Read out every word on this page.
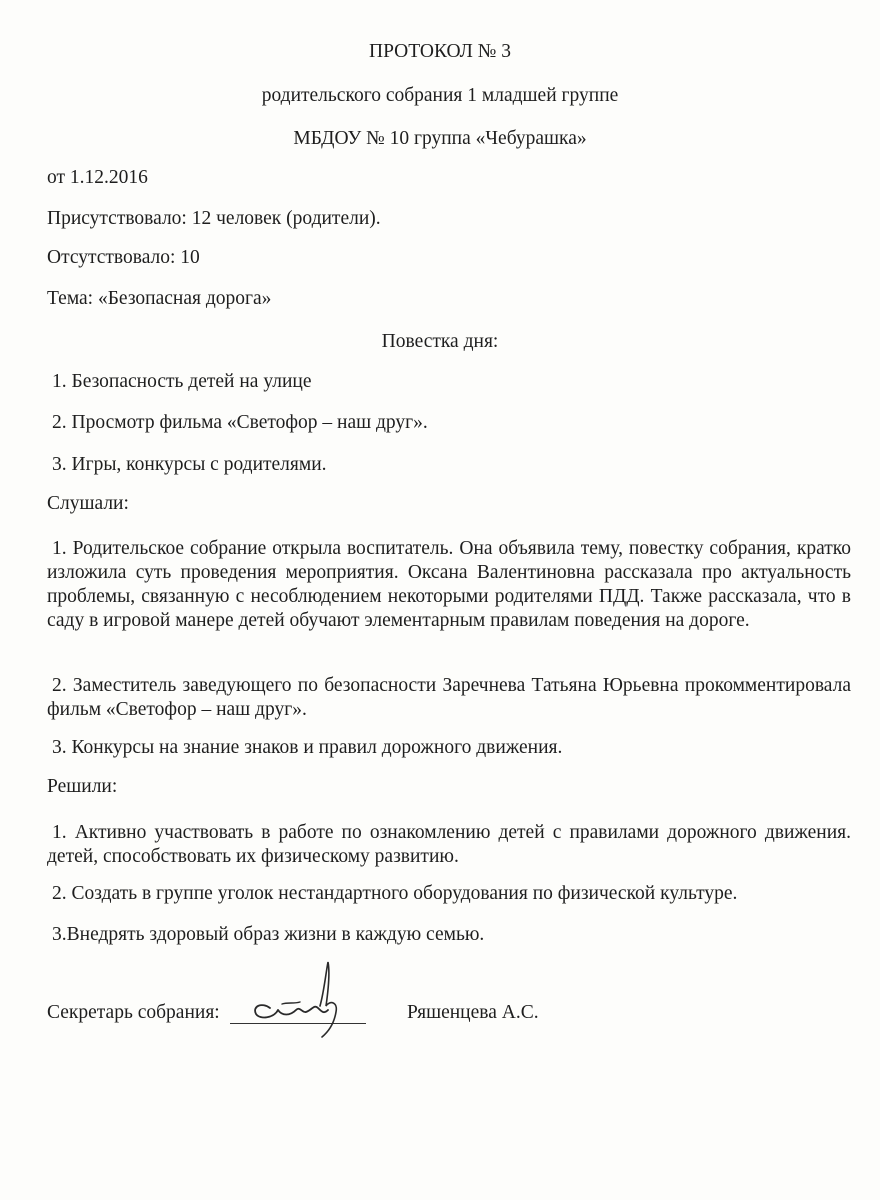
ПРОТОКОЛ № 3

родительского собрания 1 младшей группе

МБДОУ № 10 группа «Чебурашка»

от 1.12.2016

Присутствовало: 12 человек (родители).

Отсутствовало: 10

Тема: «Безопасная дорога»

Повестка дня:

1. Безопасность детей на улице

2. Просмотр фильма «Светофор – наш друг».

3. Игры, конкурсы с родителями.

Слушали:

1. Родительское собрание открыла воспитатель. Она объявила тему, повестку собрания, кратко изложила суть проведения мероприятия. Оксана Валентиновна рассказала про актуальность проблемы, связанную с несоблюдением некоторыми родителями ПДД. Также рассказала, что в саду в игровой манере детей обучают элементарным правилам поведения на дороге.

2. Заместитель заведующего по безопасности Заречнева Татьяна Юрьевна прокомментировала фильм «Светофор – наш друг».

3. Конкурсы на знание знаков и правил дорожного движения.

Решили:

1. Активно участвовать в работе по ознакомлению детей с правилами дорожного движения. детей, способствовать их физическому развитию.

2. Создать в группе уголок нестандартного оборудования по физической культуре.

3.Внедрять здоровый образ жизни в каждую семью.

Секретарь собрания:	Ряшенцева А.С.
